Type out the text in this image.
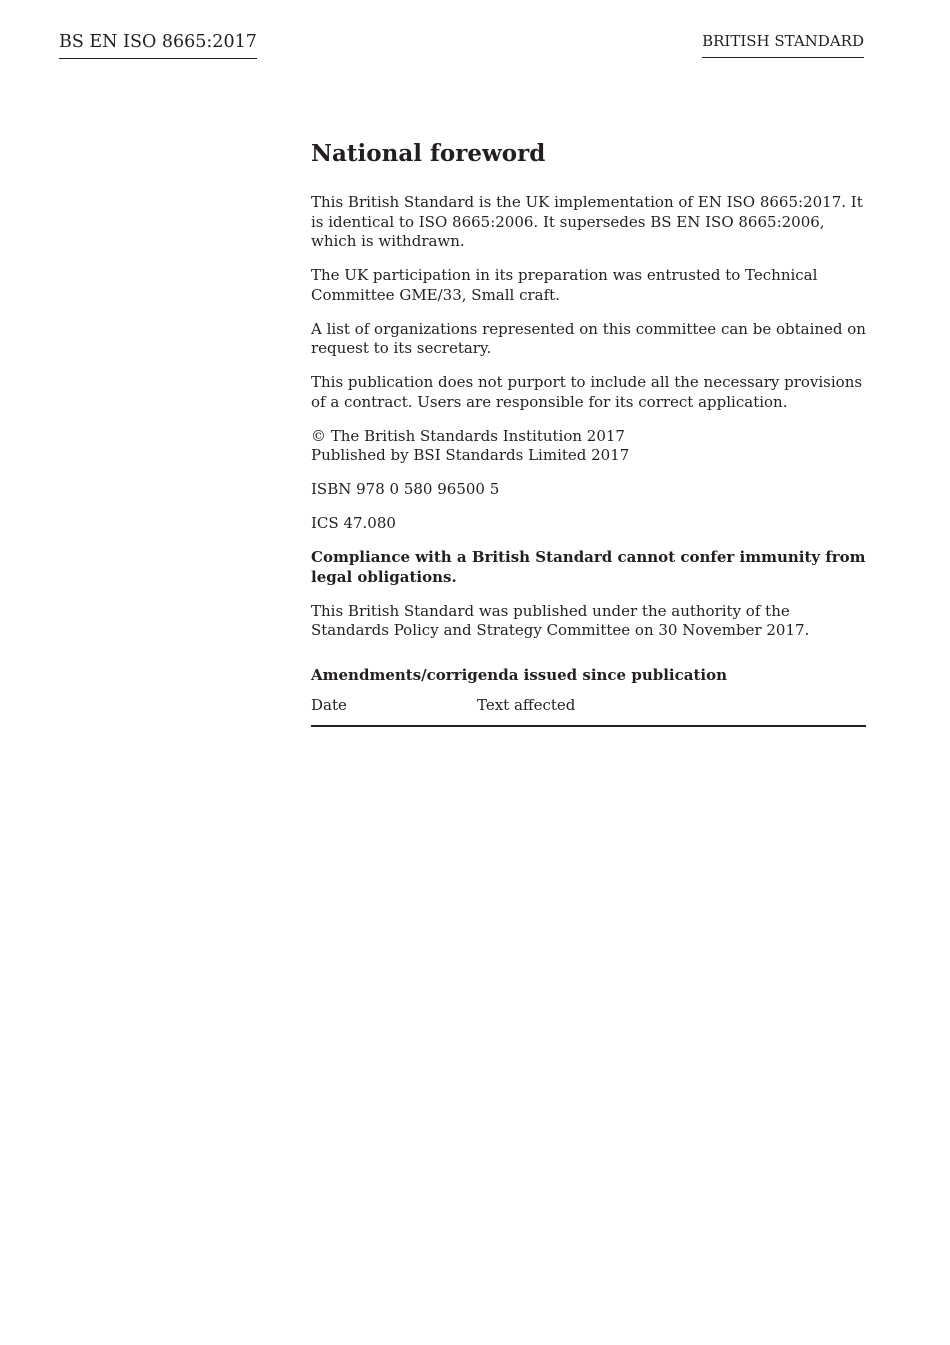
BS EN ISO 8665:2017	BRITISH STANDARD
National foreword

This British Standard is the UK implementation of EN ISO 8665:2017. It is identical to ISO 8665:2006. It supersedes BS EN ISO 8665:2006, which is withdrawn.

The UK participation in its preparation was entrusted to Technical Committee GME/33, Small craft.

A list of organizations represented on this committee can be obtained on request to its secretary.

This publication does not purport to include all the necessary provisions of a contract. Users are responsible for its correct application.

© The British Standards Institution 2017
Published by BSI Standards Limited 2017

ISBN 978 0 580 96500 5

ICS 47.080

Compliance with a British Standard cannot confer immunity from legal obligations.

This British Standard was published under the authority of the Standards Policy and Strategy Committee on 30 November 2017.

Amendments/corrigenda issued since publication
Date	Text affected
